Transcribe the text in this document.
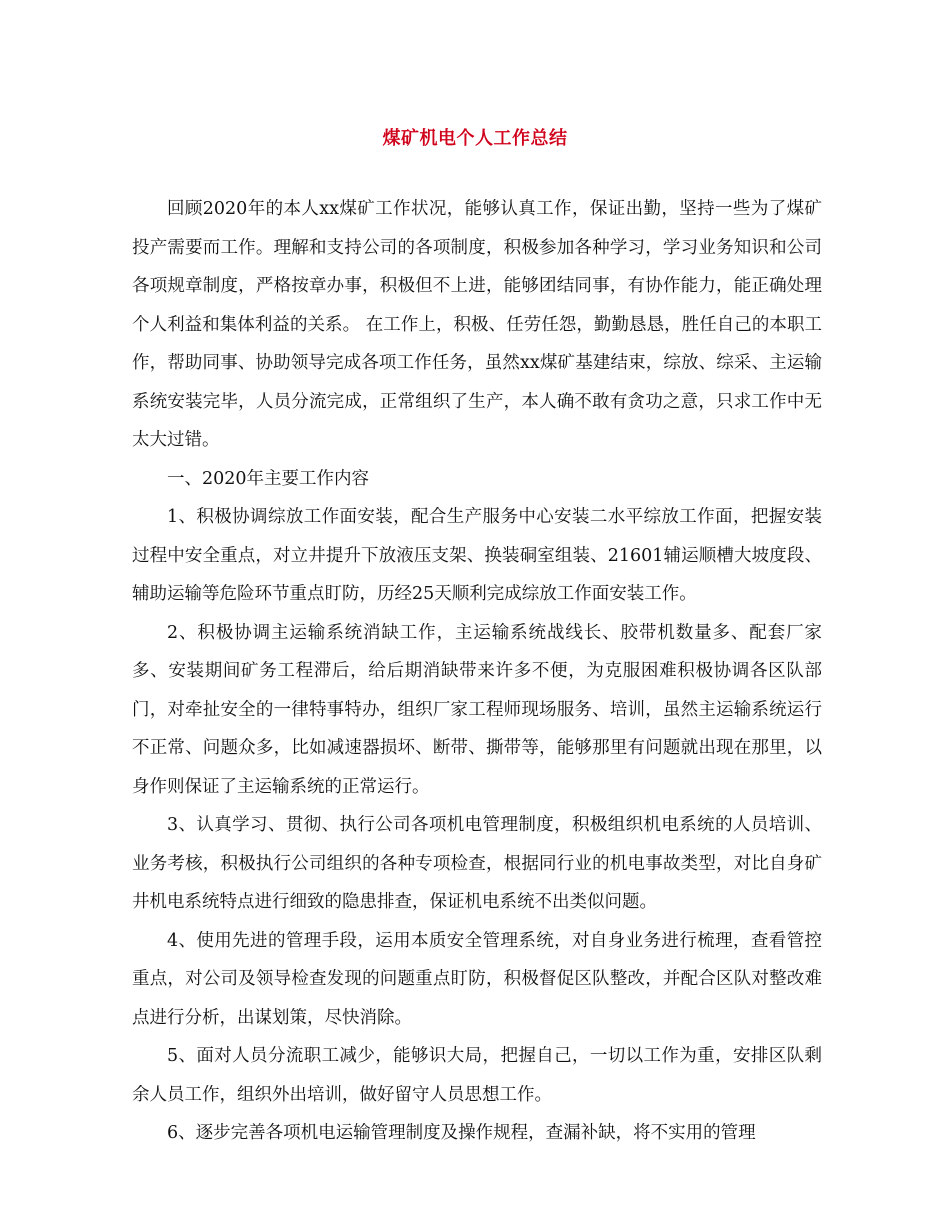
煤矿机电个人工作总结

回顾2020年的本人xx煤矿工作状况，能够认真工作，保证出勤，坚持一些为了煤矿投产需要而工作。理解和支持公司的各项制度，积极参加各种学习，学习业务知识和公司各项规章制度，严格按章办事，积极但不上进，能够团结同事，有协作能力，能正确处理个人利益和集体利益的关系。 在工作上，积极、任劳任怨，勤勤恳恳，胜任自己的本职工作，帮助同事、协助领导完成各项工作任务，虽然xx煤矿基建结束，综放、综采、主运输系统安装完毕，人员分流完成，正常组织了生产，本人确不敢有贪功之意，只求工作中无太大过错。

一、2020年主要工作内容

1、积极协调综放工作面安装，配合生产服务中心安装二水平综放工作面，把握安装过程中安全重点，对立井提升下放液压支架、换装硐室组装、21601辅运顺槽大坡度段、辅助运输等危险环节重点盯防，历经25天顺利完成综放工作面安装工作。

2、积极协调主运输系统消缺工作，主运输系统战线长、胶带机数量多、配套厂家多、安装期间矿务工程滞后，给后期消缺带来许多不便，为克服困难积极协调各区队部门，对牵扯安全的一律特事特办，组织厂家工程师现场服务、培训，虽然主运输系统运行不正常、问题众多，比如减速器损坏、断带、撕带等，能够那里有问题就出现在那里，以身作则保证了主运输系统的正常运行。

3、认真学习、贯彻、执行公司各项机电管理制度，积极组织机电系统的人员培训、业务考核，积极执行公司组织的各种专项检查，根据同行业的机电事故类型，对比自身矿井机电系统特点进行细致的隐患排查，保证机电系统不出类似问题。

4、使用先进的管理手段，运用本质安全管理系统，对自身业务进行梳理，查看管控重点，对公司及领导检查发现的问题重点盯防，积极督促区队整改，并配合区队对整改难点进行分析，出谋划策，尽快消除。

5、面对人员分流职工减少，能够识大局，把握自己，一切以工作为重，安排区队剩余人员工作，组织外出培训，做好留守人员思想工作。

6、逐步完善各项机电运输管理制度及操作规程，查漏补缺，将不实用的管理
